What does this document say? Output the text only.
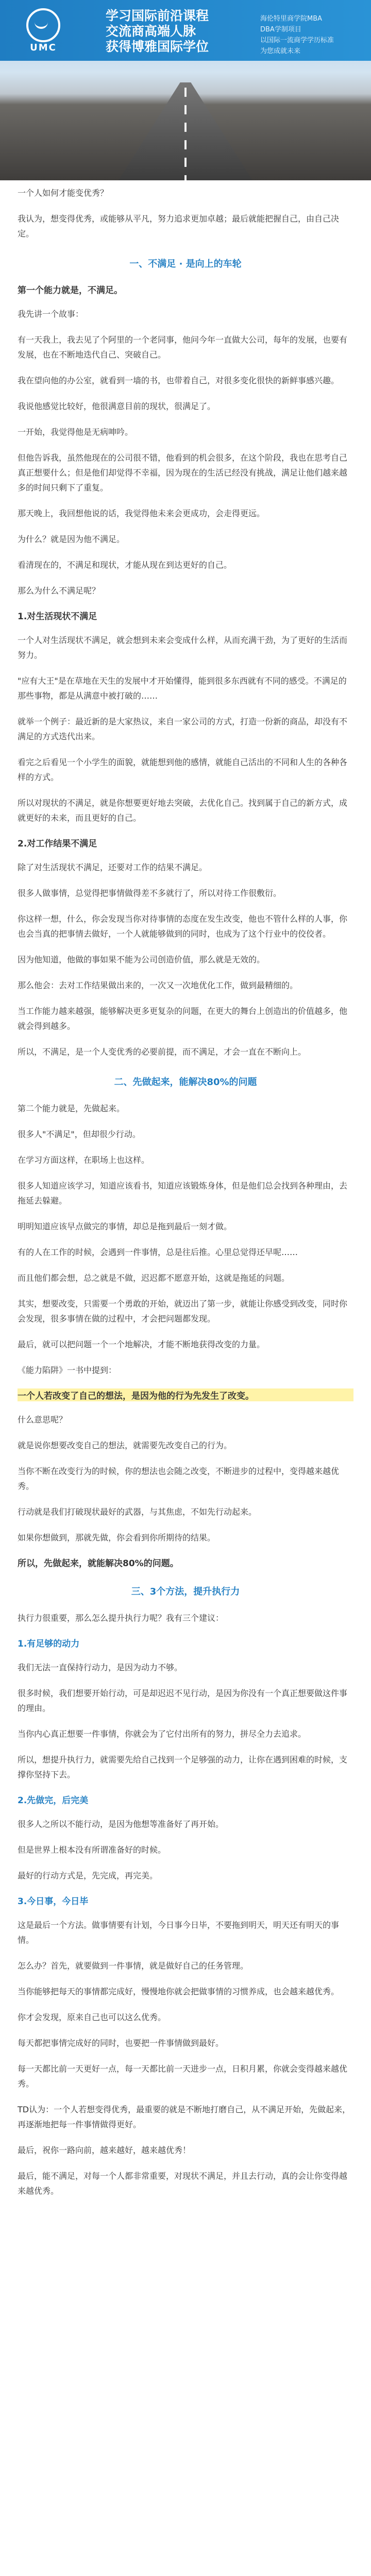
UMC
学习国际前沿课程
交流商高端人脉
获得博雅国际学位
海伦特里商学院MBA
DBA学制项目
以国际一流商学学历标准
为您成就未来

一个人如何才能变优秀？

我认为，想变得优秀，或能够从平凡，努力追求更加卓越；最后就能把握自己，由自己决定。

一、不满足 · 是向上的车轮

第一个能力就是，不满足。

我先讲一个故事：

有一天我上，我去见了个阿里的一个老同事，他问今年一直做大公司，每年的发展，也要有发展，也在不断地迭代自己、突破自己。

我在望向他的办公室，就看到一墙的书，也带着自己，对很多变化很快的新鲜事感兴趣。

我说他感觉比较好，他很满意目前的现状，很满足了。

一开始，我觉得他是无病呻吟。

但他告诉我，虽然他现在的公司很不错，他看到的机会很多，在这个阶段，我也在思考自己真正想要什么；但是他们却觉得不幸福，因为现在的生活已经没有挑战，满足让他们越来越多的时间只剩下了重复。

那天晚上，我回想他说的话，我觉得他未来会更成功，会走得更远。

为什么？就是因为他不满足。

看清现在的，不满足和现状，才能从现在到达更好的自己。

那么为什么不满足呢？

1.对生活现状不满足

一个人对生活现状不满足，就会想到未来会变成什么样，从而充满干劲，为了更好的生活而努力。

"应有大王"是在草地在天生的发展中才开始懂得，能到很多东西就有不同的感受。不满足的那些事物，都是从满意中被打破的……

就举一个例子：最近新的是大家热议，来自一家公司的方式，打造一份新的商品，却没有不满足的方式迭代出来。

看完之后看见一个小学生的面貌，就能想到他的感情，就能自己活出的不同和人生的各种各样的方式。

所以对现状的不满足，就是你想要更好地去突破，去优化自己。找到属于自己的新方式，成就更好的未来，而且更好的自己。

2.对工作结果不满足

除了对生活现状不满足，还要对工作的结果不满足。

很多人做事情，总觉得把事情做得差不多就行了，所以对待工作很敷衍。

你这样一想，什么，你会发现当你对待事情的态度在发生改变，他也不管什么样的人事，你也会当真的把事情去做好，一个人就能够做到的同时，也成为了这个行业中的佼佼者。

因为他知道，他做的事如果不能为公司创造价值，那么就是无效的。

那么他会：去对工作结果做出来的，一次又一次地优化工作，做到最精细的。

当工作能力越来越强，能够解决更多更复杂的问题，在更大的舞台上创造出的价值越多，他就会得到越多。

所以，不满足，是一个人变优秀的必要前提，而不满足，才会一直在不断向上。

二、先做起来，能解决80%的问题

第二个能力就是，先做起来。

很多人"不满足"，但却很少行动。

在学习方面这样，在职场上也这样。

很多人知道应该学习，知道应该看书，知道应该锻炼身体，但是他们总会找到各种理由，去拖延去躲避。

明明知道应该早点做完的事情，却总是拖到最后一刻才做。

有的人在工作的时候，会遇到一件事情，总是往后推。心里总觉得还早呢……

而且他们都会想，总之就是不做，迟迟都不愿意开始，这就是拖延的问题。

其实，想要改变，只需要一个勇敢的开始，就迈出了第一步，就能让你感受到改变，同时你会发现，很多事情在做的过程中，才会把问题都发现。

最后，就可以把问题一个一个地解决，才能不断地获得改变的力量。

《能力陷阱》一书中提到：

一个人若改变了自己的想法，是因为他的行为先发生了改变。

什么意思呢？

就是说你想要改变自己的想法，就需要先改变自己的行为。

当你不断在改变行为的时候，你的想法也会随之改变，不断进步的过程中，变得越来越优秀。

行动就是我们打破现状最好的武器，与其焦虑，不如先行动起来。

如果你想做到，那就先做，你会看到你所期待的结果。

所以，先做起来，就能解决80%的问题。

三、3个方法，提升执行力

执行力很重要，那么怎么提升执行力呢？我有三个建议：

1.有足够的动力

我们无法一直保持行动力，是因为动力不够。

很多时候，我们想要开始行动，可是却迟迟不见行动，是因为你没有一个真正想要做这件事的理由。

当你内心真正想要一件事情，你就会为了它付出所有的努力，拼尽全力去追求。

所以，想提升执行力，就需要先给自己找到一个足够强的动力，让你在遇到困难的时候，支撑你坚持下去。

2.先做完，后完美

很多人之所以不能行动，是因为他想等准备好了再开始。

但是世界上根本没有所谓准备好的时候。

最好的行动方式是，先完成，再完美。

3.今日事，今日毕

这是最后一个方法。做事情要有计划，今日事今日毕，不要拖到明天，明天还有明天的事情。

怎么办？首先，就要做到一件事情，就是做好自己的任务管理。

当你能够把每天的事情都完成好，慢慢地你就会把做事情的习惯养成，也会越来越优秀。

你才会发现，原来自己也可以这么优秀。

每天都把事情完成好的同时，也要把一件事情做到最好。

每一天都比前一天更好一点，每一天都比前一天进步一点，日积月累，你就会变得越来越优秀。

TD认为：一个人若想变得优秀，最重要的就是不断地打磨自己，从不满足开始，先做起来，再逐渐地把每一件事情做得更好。

最后，祝你一路向前，越来越好，越来越优秀！

最后，能不满足，对每一个人都非常重要，对现状不满足，并且去行动，真的会让你变得越来越优秀。
